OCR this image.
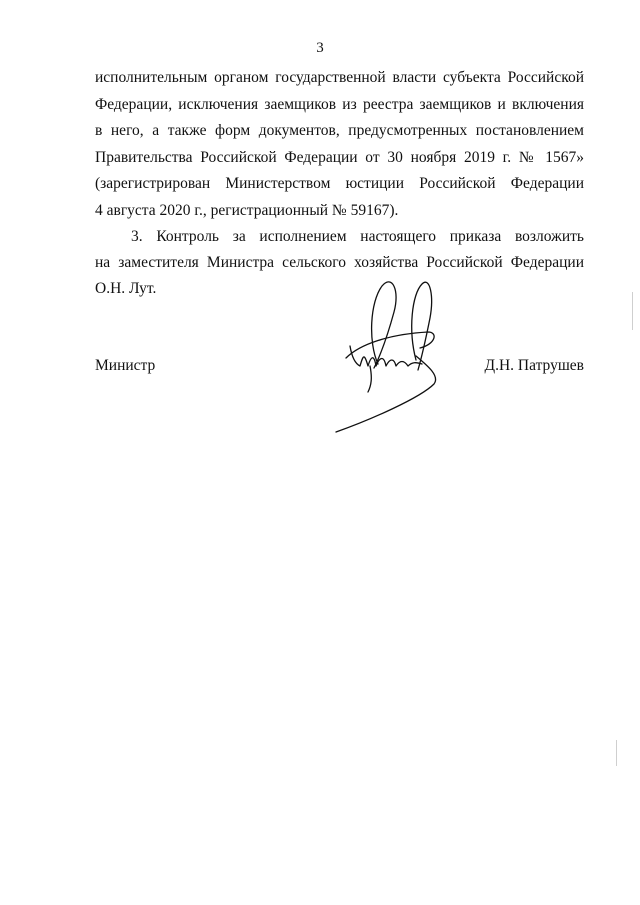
3
исполнительным органом государственной власти субъекта Российской
Федерации, исключения заемщиков из реестра заемщиков и включения
в него, а также форм документов, предусмотренных постановлением
Правительства Российской Федерации от 30 ноября 2019 г. № 1567»
(зарегистрирован Министерством юстиции Российской Федерации
4 августа 2020 г., регистрационный № 59167).
3. Контроль за исполнением настоящего приказа возложить
на заместителя Министра сельского хозяйства Российской Федерации
О.Н. Лут.
Министр	Д.Н. Патрушев
